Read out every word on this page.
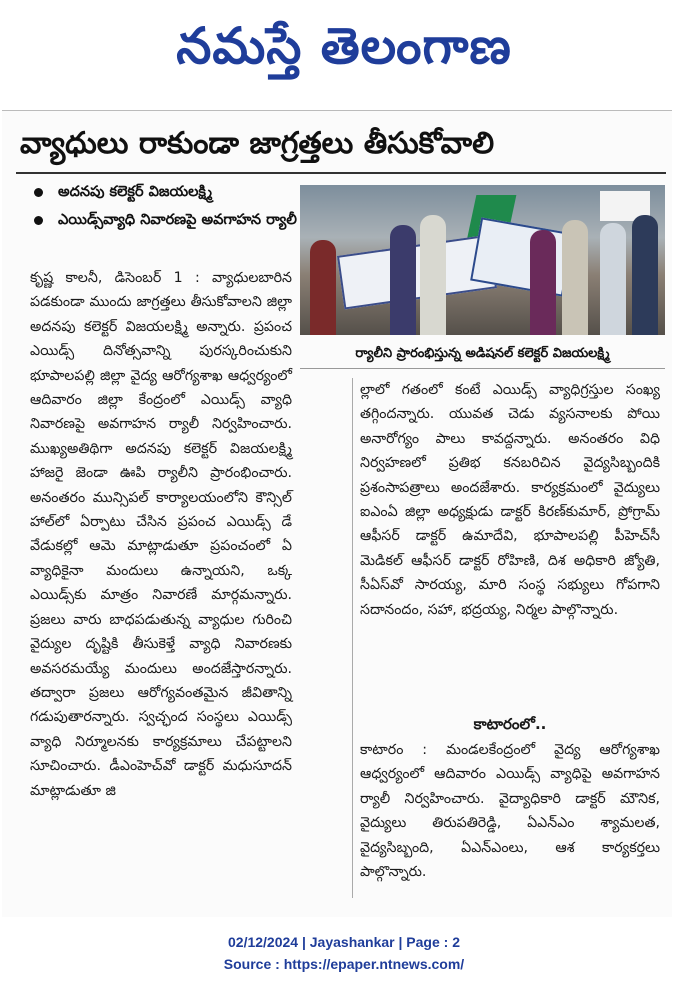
నమస్తే తెలంగాణ
వ్యాధులు రాకుండా జాగ్రత్తలు తీసుకోవాలి
అదనపు కలెక్టర్ విజయలక్ష్మి
ఎయిడ్స్‌వ్యాధి నివారణపై అవగాహన ర్యాలీ
ర్యాలీని ప్రారంభిస్తున్న అడిషనల్ కలెక్టర్ విజయలక్ష్మి

కృష్ణ కాలనీ, డిసెంబర్ 1 : వ్యాధులబారిన పడకుండా ముందు జాగ్రత్తలు తీసుకోవాలని జిల్లా అదనపు కలెక్టర్ విజయలక్ష్మి అన్నారు. ప్రపంచ ఎయిడ్స్ దినోత్సవాన్ని పురస్కరించుకుని భూపాలపల్లి జిల్లా వైద్య ఆరోగ్యశాఖ ఆధ్వర్యంలో ఆదివారం జిల్లా కేంద్రంలో ఎయిడ్స్ వ్యాధి నివారణపై అవగాహన ర్యాలీ నిర్వహించారు. ముఖ్యఅతిథిగా అదనపు కలెక్టర్ విజయలక్ష్మి హాజరై జెండా ఊపి ర్యాలీని ప్రారంభించారు. అనంతరం మున్సిపల్ కార్యాలయంలోని కౌన్సిల్ హాల్‌లో ఏర్పాటు చేసిన ప్రపంచ ఎయిడ్స్ డే వేడుకల్లో ఆమె మాట్లాడుతూ ప్రపంచంలో ఏ వ్యాధికైనా మందులు ఉన్నాయని, ఒక్క ఎయిడ్స్‌కు మాత్రం నివారణే మార్గమన్నారు. ప్రజలు వారు బాధపడుతున్న వ్యాధుల గురించి వైద్యుల దృష్టికి తీసుకెళ్తే వ్యాధి నివారణకు అవసరమయ్యే మందులు అందజేస్తారన్నారు. తద్వారా ప్రజలు ఆరోగ్యవంతమైన జీవితాన్ని గడుపుతారన్నారు. స్వచ్ఛంద సంస్థలు ఎయిడ్స్ వ్యాధి నిర్మూలనకు కార్యక్రమాలు చేపట్టాలని సూచించారు. డీఎంహెచ్‌వో డాక్టర్ మధుసూదన్ మాట్లాడుతూ జి

ల్లాలో గతంలో కంటే ఎయిడ్స్ వ్యాధిగ్రస్తుల సంఖ్య తగ్గిందన్నారు. యువత చెడు వ్యసనాలకు పోయి అనారోగ్యం పాలు కావద్దన్నారు. అనంతరం విధి నిర్వహణలో ప్రతిభ కనబరిచిన వైద్యసిబ్బందికి ప్రశంసాపత్రాలు అందజేశారు. కార్యక్రమంలో వైద్యులు ఐఎంఏ జిల్లా అధ్యక్షుడు డాక్టర్ కిరణ్‌కుమార్, ప్రోగ్రామ్ ఆఫీసర్ డాక్టర్ ఉమాదేవి, భూపాలపల్లి పీహెచ్‌సీ మెడికల్ ఆఫీసర్ డాక్టర్ రోహిణి, దిశ అధికారి జ్యోతి, సీఏస్‌వో సారయ్య, మారి సంస్థ సభ్యులు గోపగాని సదానందం, సహా, భద్రయ్య, నిర్మల పాల్గొన్నారు.

కాటారంలో..

కాటారం : మండలకేంద్రంలో వైద్య ఆరోగ్యశాఖ ఆధ్వర్యంలో ఆదివారం ఎయిడ్స్ వ్యాధిపై అవగాహన ర్యాలీ నిర్వహించారు. వైద్యాధికారి డాక్టర్ మౌనిక, వైద్యులు తిరుపతిరెడ్డి, ఏఎన్ఎం శ్యామలత, వైద్యసిబ్బంది, ఏఎన్ఎంలు, ఆశ కార్యకర్తలు పాల్గొన్నారు.

02/12/2024 | Jayashankar | Page : 2
Source : https://epaper.ntnews.com/
